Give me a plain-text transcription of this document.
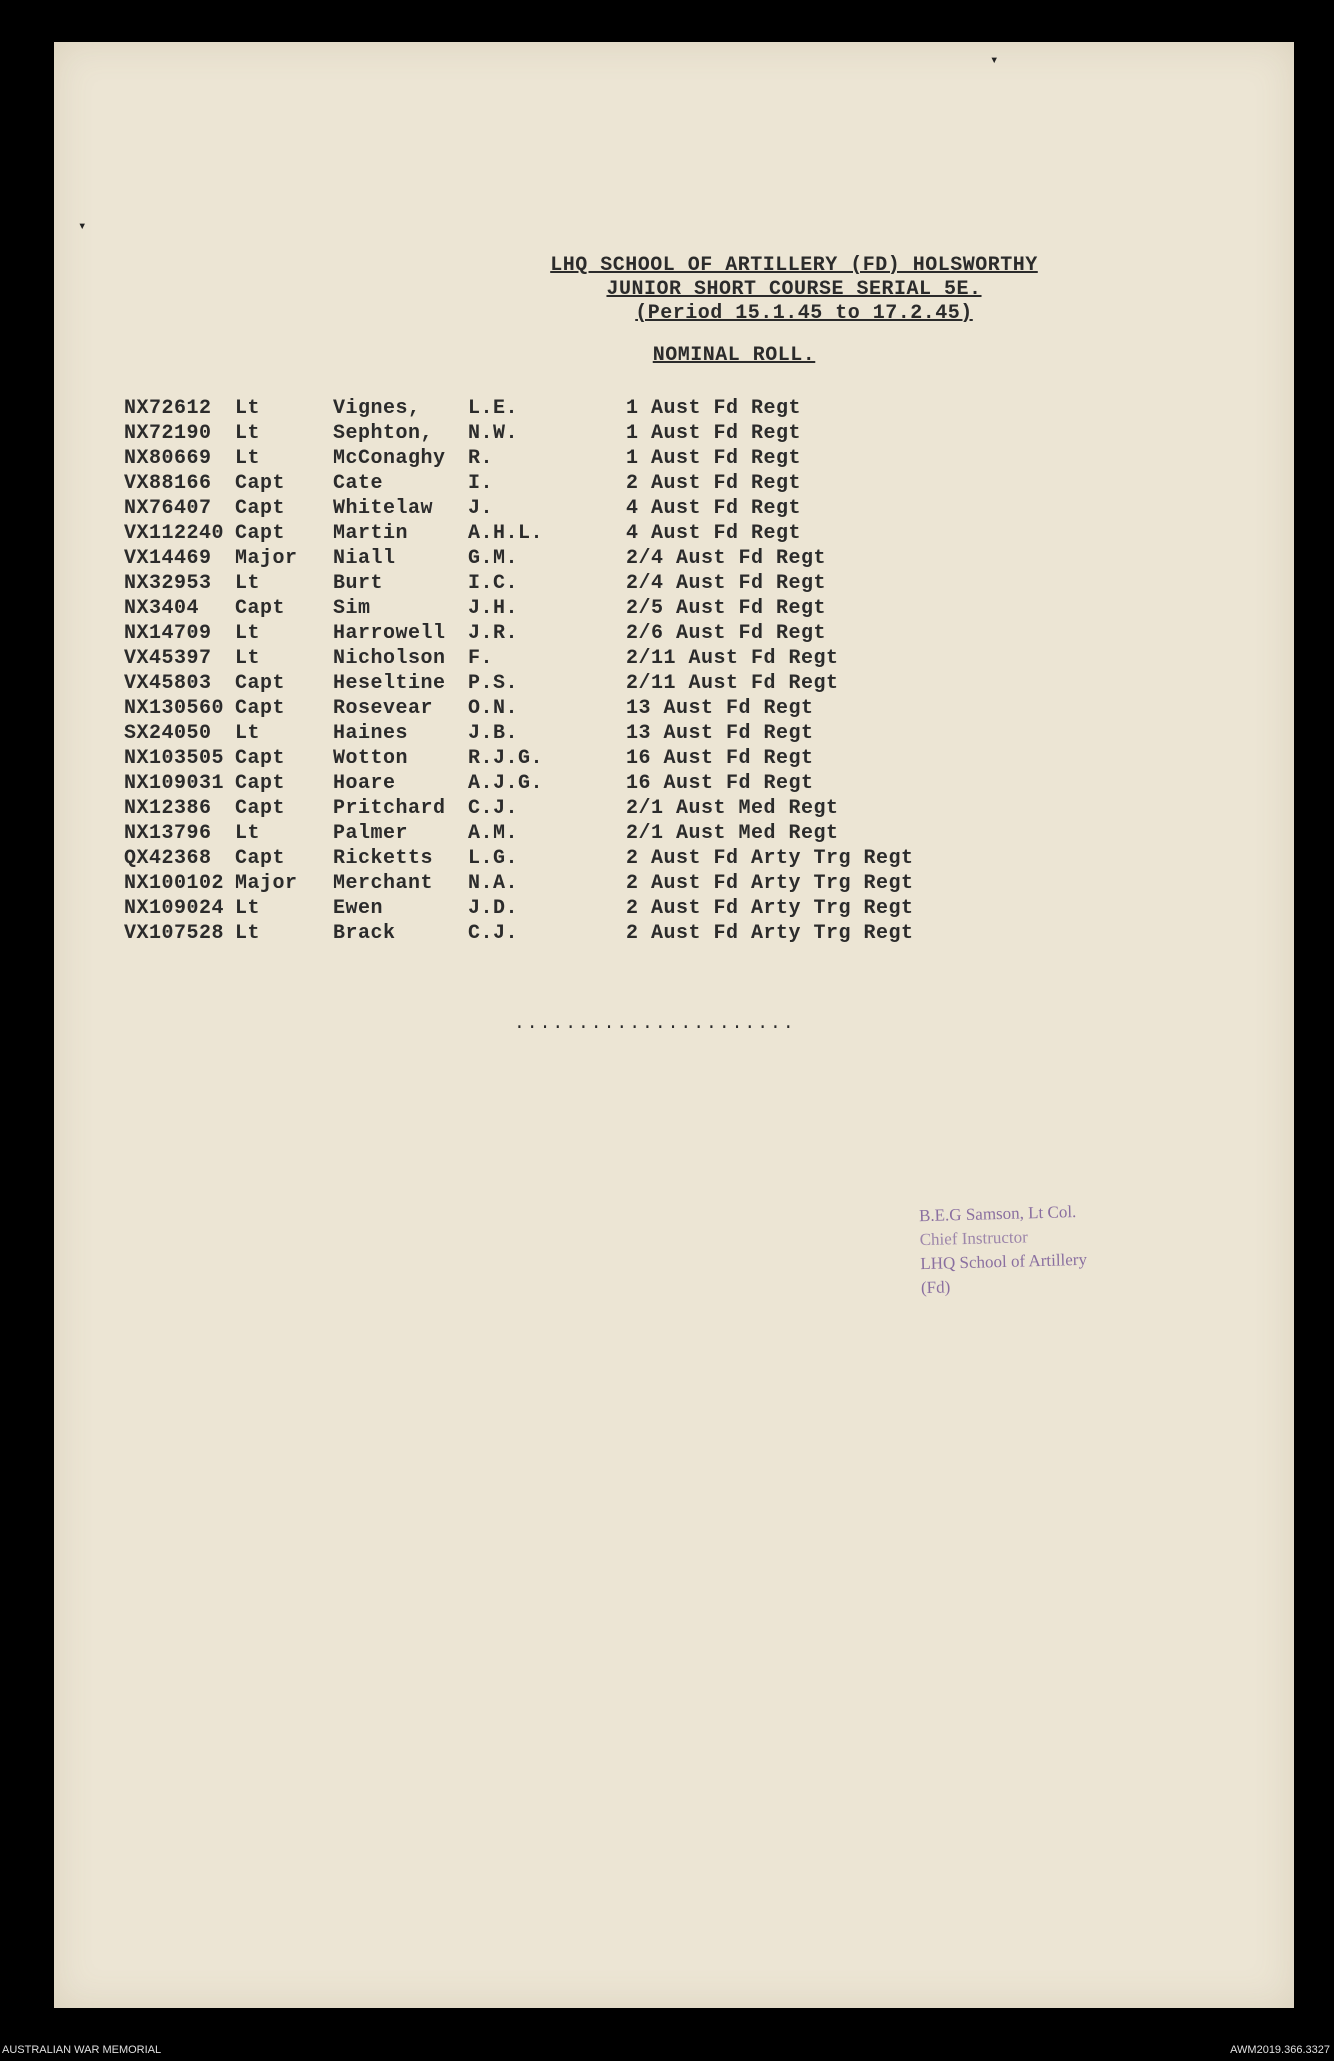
▾
▾
LHQ SCHOOL OF ARTILLERY (FD) HOLSWORTHY
JUNIOR SHORT COURSE SERIAL 5E.
(Period 15.1.45 to 17.2.45)
NOMINAL ROLL.
NX72612	Lt	Vignes,	L.E.	1 Aust Fd Regt
NX72190	Lt	Sephton,	N.W.	1 Aust Fd Regt
NX80669	Lt	McConaghy	R.	1 Aust Fd Regt
VX88166	Capt	Cate	I.	2 Aust Fd Regt
NX76407	Capt	Whitelaw	J.	4 Aust Fd Regt
VX112240	Capt	Martin	A.H.L.	4 Aust Fd Regt
VX14469	Major	Niall	G.M.	2/4 Aust Fd Regt
NX32953	Lt	Burt	I.C.	2/4 Aust Fd Regt
NX3404	Capt	Sim	J.H.	2/5 Aust Fd Regt
NX14709	Lt	Harrowell	J.R.	2/6 Aust Fd Regt
VX45397	Lt	Nicholson	F.	2/11 Aust Fd Regt
VX45803	Capt	Heseltine	P.S.	2/11 Aust Fd Regt
NX130560	Capt	Rosevear	O.N.	13 Aust Fd Regt
SX24050	Lt	Haines	J.B.	13 Aust Fd Regt
NX103505	Capt	Wotton	R.J.G.	16 Aust Fd Regt
NX109031	Capt	Hoare	A.J.G.	16 Aust Fd Regt
NX12386	Capt	Pritchard	C.J.	2/1 Aust Med Regt
NX13796	Lt	Palmer	A.M.	2/1 Aust Med Regt
QX42368	Capt	Ricketts	L.G.	2 Aust Fd Arty Trg Regt
NX100102	Major	Merchant	N.A.	2 Aust Fd Arty Trg Regt
NX109024	Lt	Ewen	J.D.	2 Aust Fd Arty Trg Regt
VX107528	Lt	Brack	C.J.	2 Aust Fd Arty Trg Regt
......................
B.E.G Samson, Lt Col.
Chief Instructor
LHQ School of Artillery
(Fd)
AUSTRALIAN WAR MEMORIAL	AWM2019.366.3327
